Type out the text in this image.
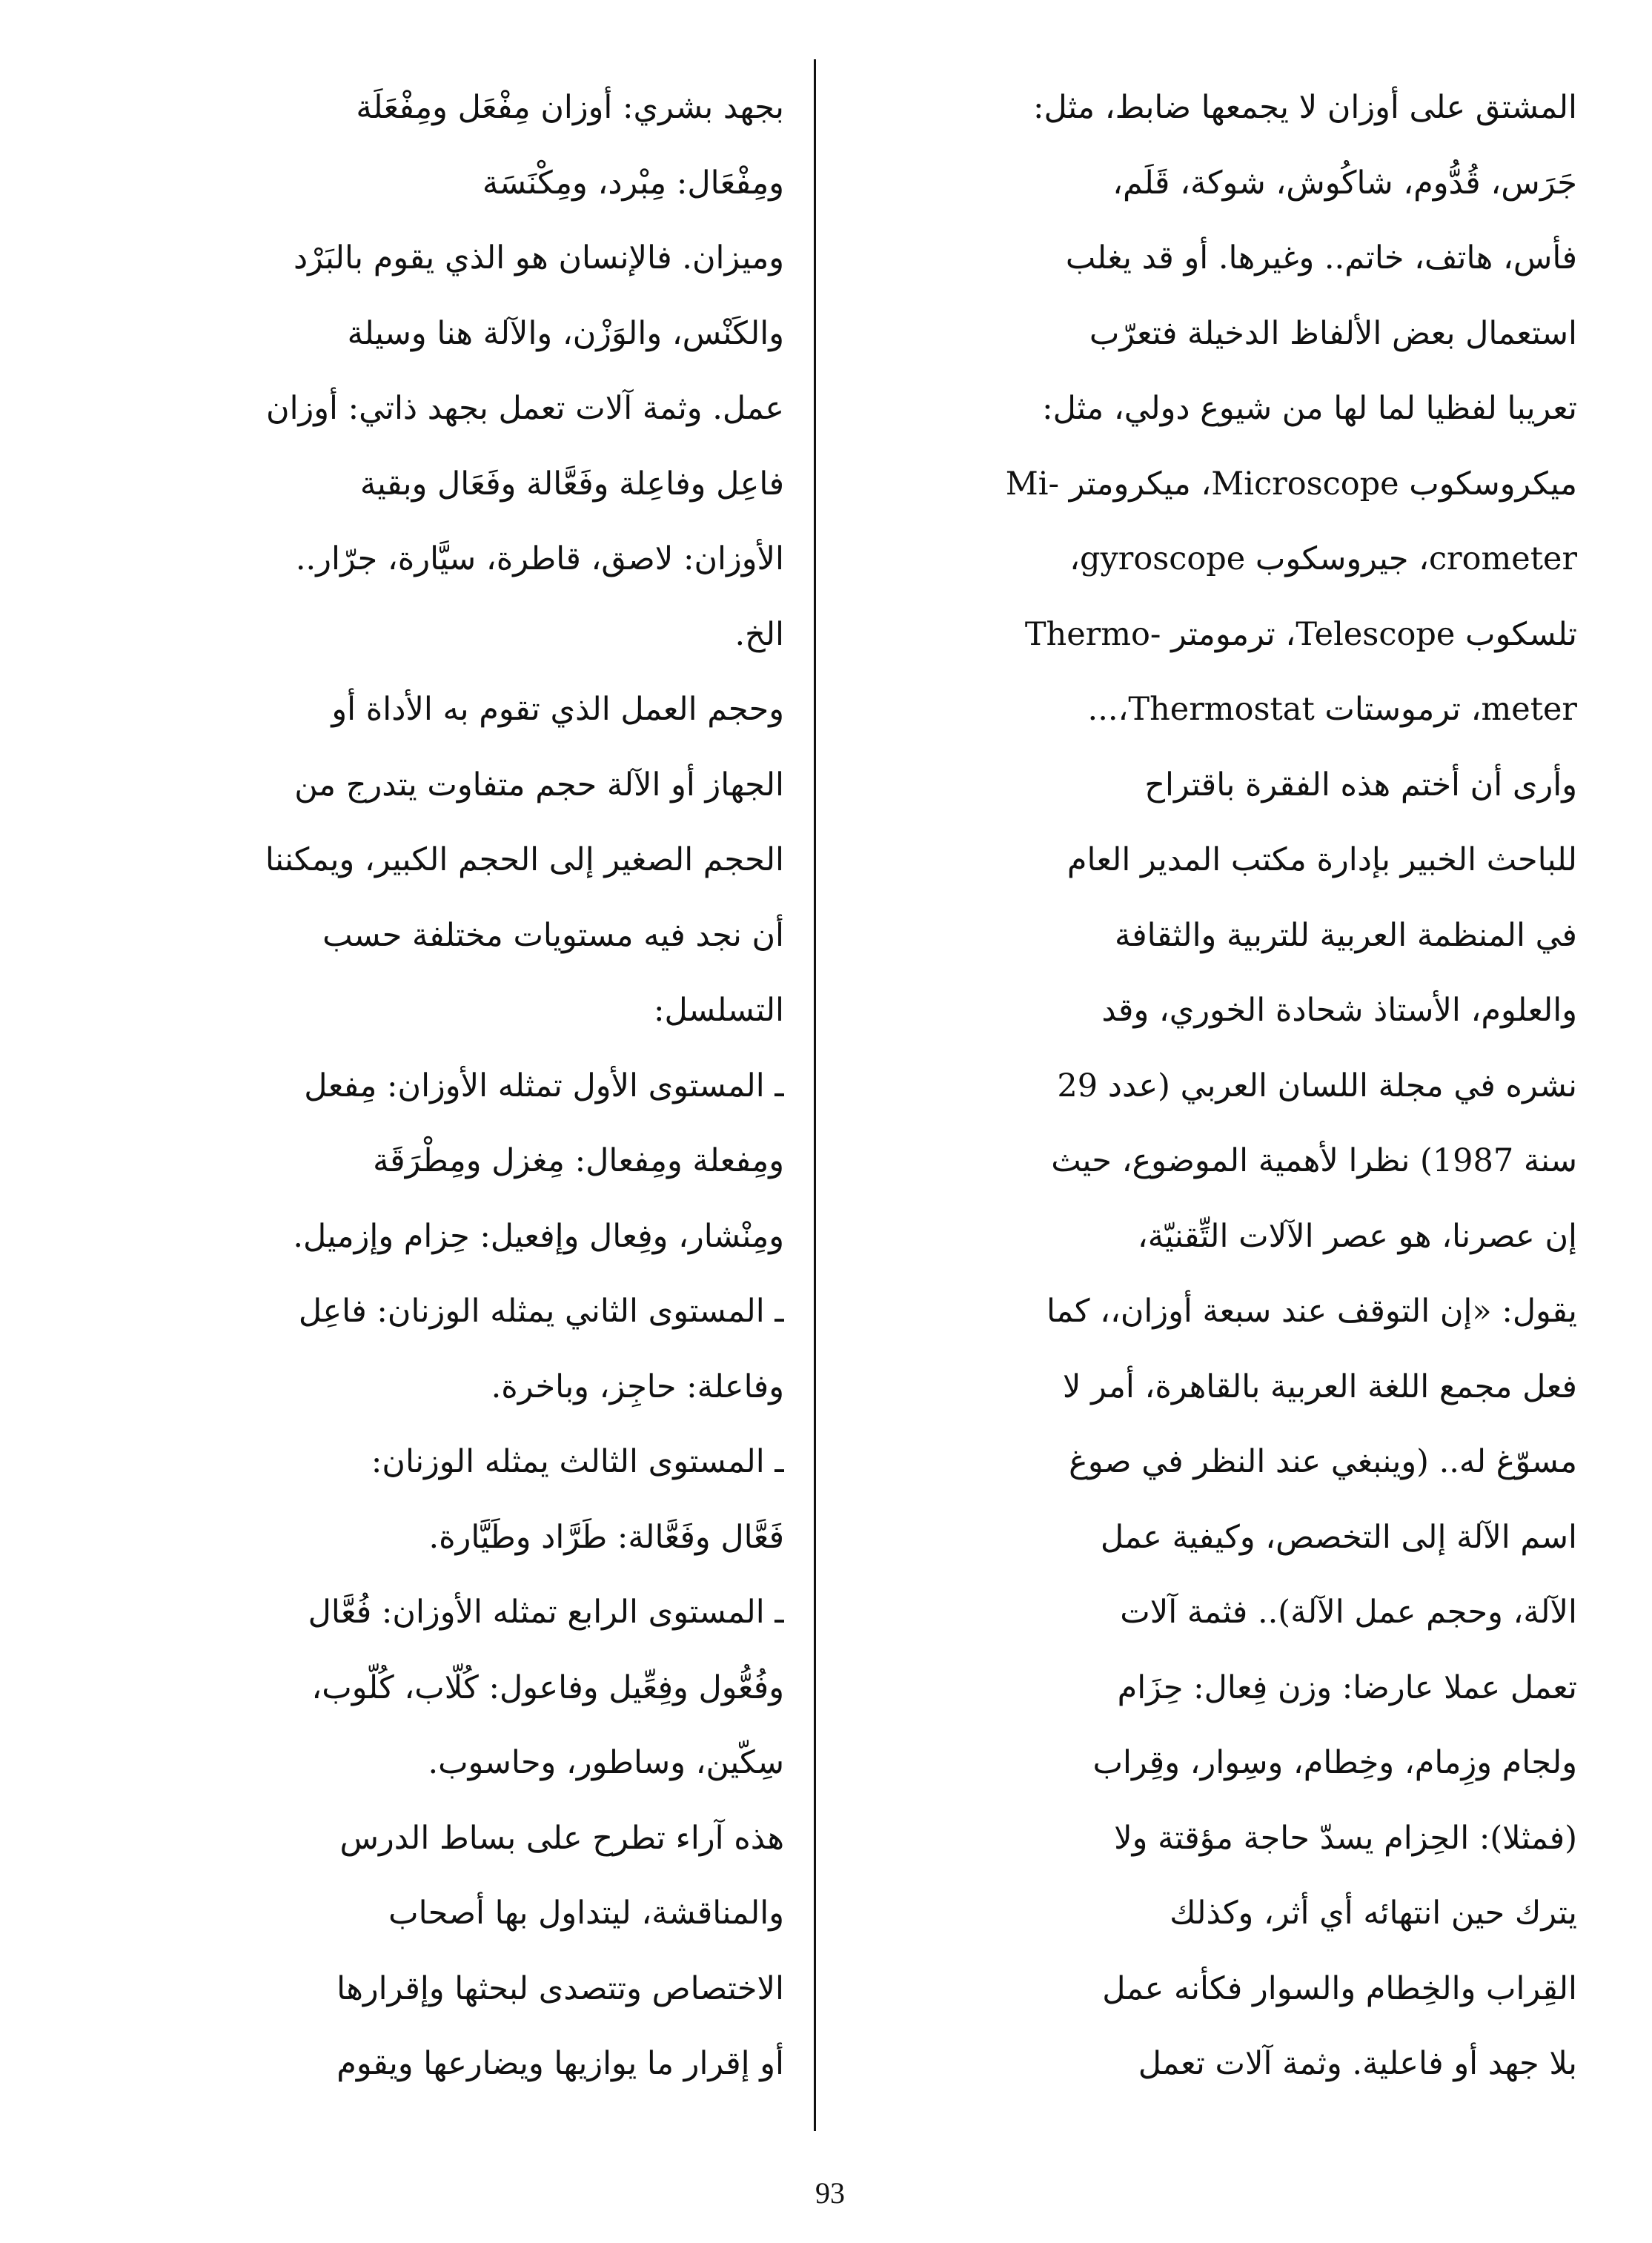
المشتق على أوزان لا يجمعها ضابط، مثل:
جَرَس، قُدُّوم، شاكُوش، شوكة، قَلَم،
فأس، هاتف، خاتم.. وغيرها. أو قد يغلب
استعمال بعض الألفاظ الدخيلة فتعرّب
تعريبا لفظيا لما لها من شيوع دولي، مثل:
ميكروسكوب Microscope، ميكرومتر -Mi
crometer، جيروسكوب gyroscope،
تلسكوب Telescope، ترمومتر -Thermo
meter، ترموستات Thermostat،...
وأرى أن أختم هذه الفقرة باقتراح
للباحث الخبير بإدارة مكتب المدير العام
في المنظمة العربية للتربية والثقافة
والعلوم، الأستاذ شحادة الخوري، وقد
نشره في مجلة اللسان العربي (عدد 29
سنة 1987) نظرا لأهمية الموضوع، حيث
إن عصرنا، هو عصر الآلات التِّقنيّة،
يقول: «إن التوقف عند سبعة أوزان،، كما
فعل مجمع اللغة العربية بالقاهرة، أمر لا
مسوّغ له.. (وينبغي عند النظر في صوغ
اسم الآلة إلى التخصص، وكيفية عمل
الآلة، وحجم عمل الآلة).. فثمة آلات
تعمل عملا عارضا: وزن فِعال: حِزَام
ولجام وزِمام، وخِطام، وسِوار، وقِراب
(فمثلا): الحِزام يسدّ حاجة مؤقتة ولا
يترك حين انتهائه أي أثر، وكذلك
القِراب والخِطام والسوار فكأنه عمل
بلا جهد أو فاعلية. وثمة آلات تعمل
بجهد بشري: أوزان مِفْعَل ومِفْعَلَة
ومِفْعَال: مِبْرد، ومِكْنَسَة
وميزان. فالإنسان هو الذي يقوم بالبَرْد
والكَنْس، والوَزْن، والآلة هنا وسيلة
عمل. وثمة آلات تعمل بجهد ذاتي: أوزان
فاعِل وفاعِلة وفَعَّالة وفَعَال وبقية
الأوزان: لاصق، قاطرة، سيَّارة، جرّار..
الخ.
وحجم العمل الذي تقوم به الأداة أو
الجهاز أو الآلة حجم متفاوت يتدرج من
الحجم الصغير إلى الحجم الكبير، ويمكننا
أن نجد فيه مستويات مختلفة حسب
التسلسل:
ـ المستوى الأول تمثله الأوزان: مِفعل
ومِفعلة ومِفعال: مِغزل ومِطْرَقَة
ومِنْشار، وفِعال وإفعيل: حِزام وإزميل.
ـ المستوى الثاني يمثله الوزنان: فاعِل
وفاعلة: حاجِز، وباخرة.
ـ المستوى الثالث يمثله الوزنان:
فَعَّال وفَعَّالة: طَرَّاد وطَيَّارة.
ـ المستوى الرابع تمثله الأوزان: فُعَّال
وفُعُّول وفِعِّيل وفاعول: كُلّاب، كُلّوب،
سِكّين، وساطور، وحاسوب.
هذه آراء تطرح على بساط الدرس
والمناقشة، ليتداول بها أصحاب
الاختصاص وتتصدى لبحثها وإقرارها
أو إقرار ما يوازيها ويضارعها ويقوم
93
